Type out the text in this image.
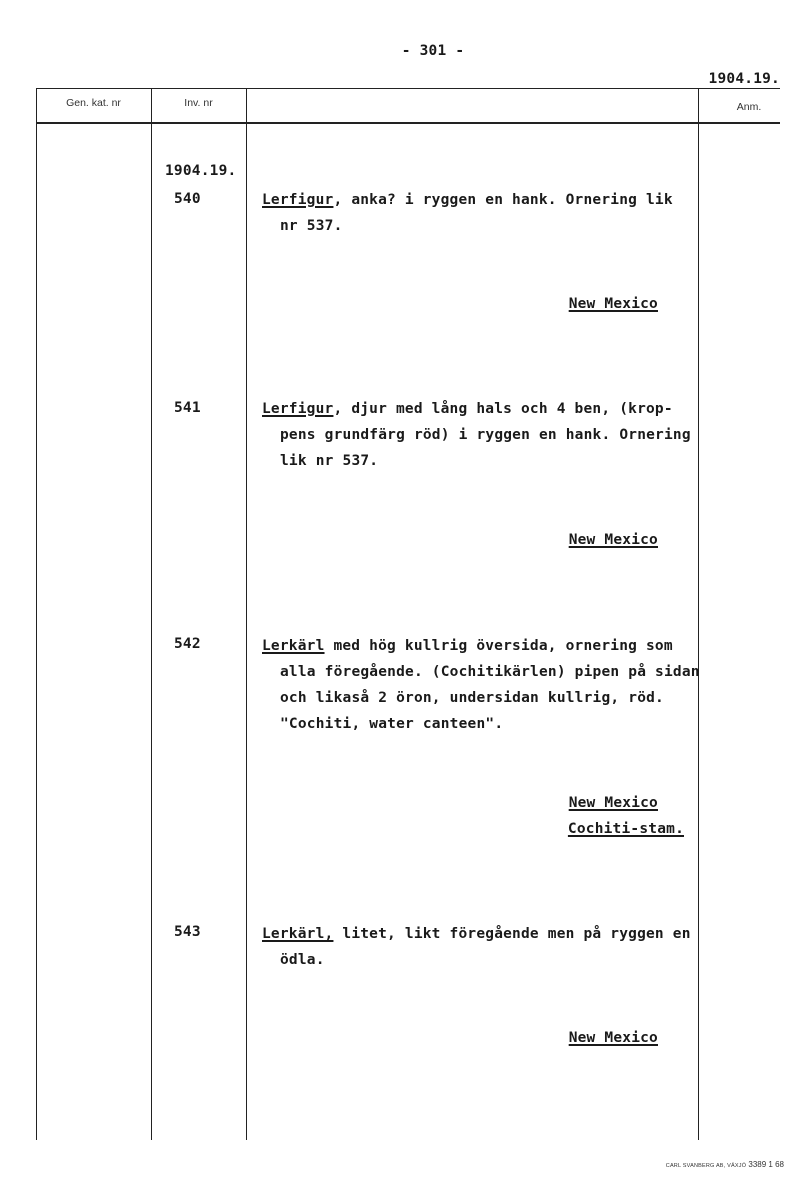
- 301 -
1904.19.
Gen. kat. nr	Inv. nr	Anm.
1904.19.
540	Lerfigur, anka? i ryggen en hank. Ornering lik
nr 537.
New Mexico
541	Lerfigur, djur med lång hals och 4 ben, (krop-
pens grundfärg röd) i ryggen en hank. Ornering
lik nr 537.
New Mexico
542	Lerkärl med hög kullrig översida, ornering som
alla föregående. (Cochitikärlen) pipen på sidan
och likaså 2 öron, undersidan kullrig, röd.
"Cochiti, water canteen".
New Mexico
Cochiti-stam.
543	Lerkärl, litet, likt föregående men på ryggen en
ödla.
New Mexico
CARL SVANBERG AB, VÄXJÖ 3389 1 68
